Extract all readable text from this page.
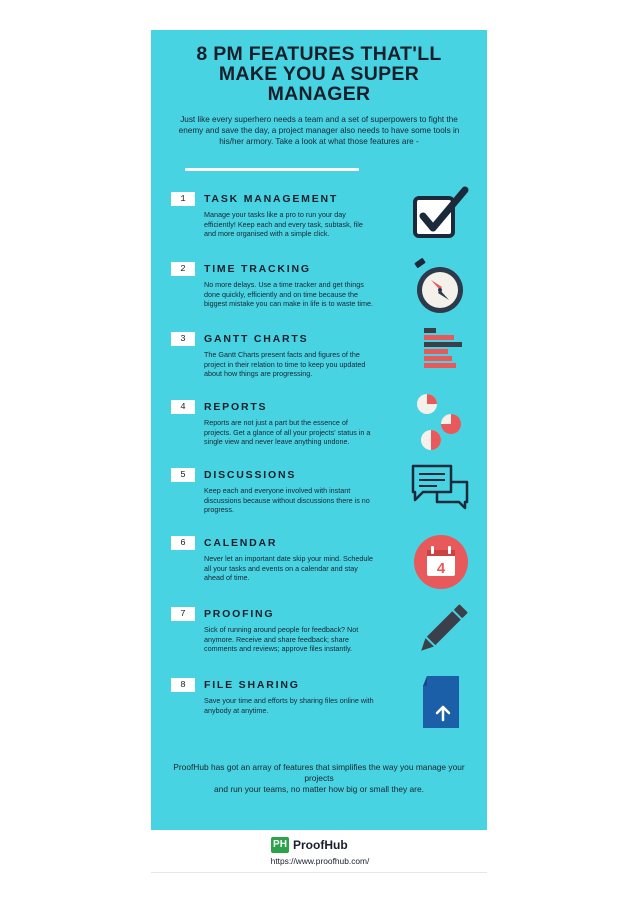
8 PM FEATURES THAT'LL
MAKE YOU A SUPER
MANAGER

Just like every superhero needs a team and a set of superpowers to fight the enemy and save the day, a project manager also needs to have some tools in his/her armory. Take a look at what those features are -

1	TASK MANAGEMENT

Manage your tasks like a pro to run your day efficiently! Keep each and every task, subtask, file and more organised with a simple click.

2	TIME TRACKING

No more delays. Use a time tracker and get things done quickly, efficiently and on time because the biggest mistake you can make in life is to waste time.

3	GANTT CHARTS

The Gantt Charts present facts and figures of the project in their relation to time to keep you updated about how things are progressing.

4	REPORTS

Reports are not just a part but the essence of projects. Get a glance of all your projects' status in a single view and never leave anything undone.

5	DISCUSSIONS

Keep each and everyone involved with instant discussions because without discussions there is no progress.

6	CALENDAR

Never let an important date skip your mind. Schedule all your tasks and events on a calendar and stay ahead of time.

4
7	PROOFING

Sick of running around people for feedback? Not anymore. Receive and share feedback; share comments and reviews; approve files instantly.

8	FILE SHARING

Save your time and efforts by sharing files online with anybody at anytime.

ProofHub has got an array of features that simplifies the way you manage your projects
and run your teams, no matter how big or small they are.
PH ProofHub
https://www.proofhub.com/
